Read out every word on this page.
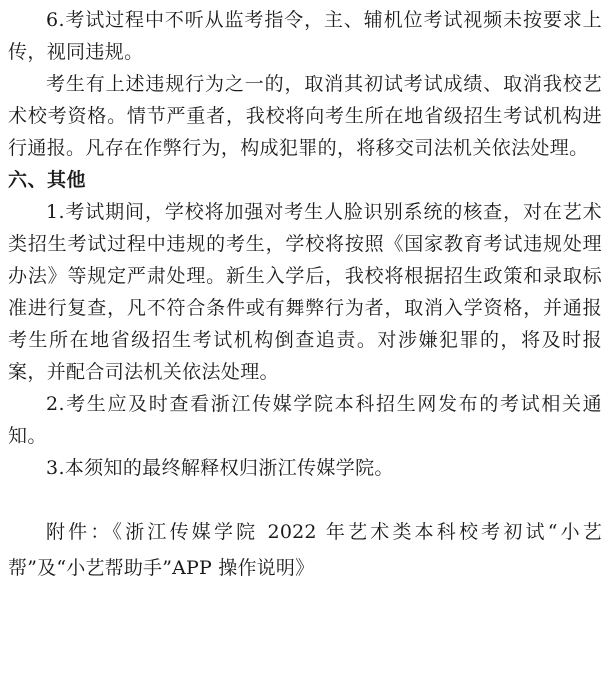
6.考试过程中不听从监考指令，主、辅机位考试视频未按要求上传，视同违规。

考生有上述违规行为之一的，取消其初试考试成绩、取消我校艺术校考资格。情节严重者，我校将向考生所在地省级招生考试机构进行通报。凡存在作弊行为，构成犯罪的，将移交司法机关依法处理。

六、其他

1.考试期间，学校将加强对考生人脸识别系统的核查，对在艺术类招生考试过程中违规的考生，学校将按照《国家教育考试违规处理办法》等规定严肃处理。新生入学后，我校将根据招生政策和录取标准进行复查，凡不符合条件或有舞弊行为者，取消入学资格，并通报考生所在地省级招生考试机构倒查追责。对涉嫌犯罪的，将及时报案，并配合司法机关依法处理。

2.考生应及时查看浙江传媒学院本科招生网发布的考试相关通知。

3.本须知的最终解释权归浙江传媒学院。

附件：《浙江传媒学院 2022 年艺术类本科校考初试“小艺帮”及“小艺帮助手”APP 操作说明》
